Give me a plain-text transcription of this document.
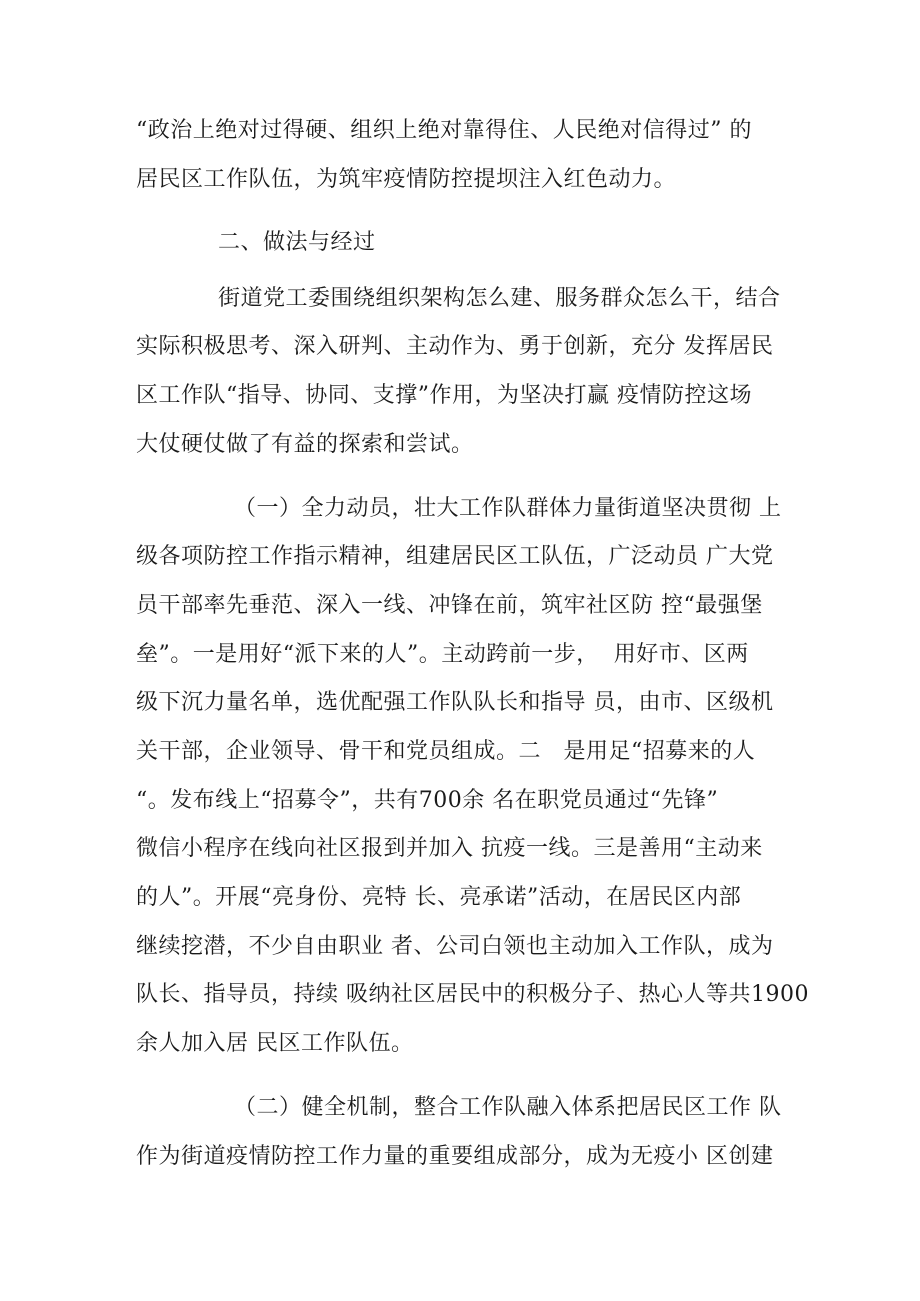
“政治上绝对过得硬、组织上绝对靠得住、人民绝对信得过” 的
居民区工作队伍，为筑牢疫情防控提坝注入红色动力。
二、做法与经过
街道党工委围绕组织架构怎么建、服务群众怎么干，结合
实际积极思考、深入研判、主动作为、勇于创新，充分 发挥居民
区工作队“指导、协同、支撑”作用，为坚决打赢 疫情防控这场
大仗硬仗做了有益的探索和尝试。
（一）全力动员，壮大工作队群体力量街道坚决贯彻 上
级各项防控工作指示精神，组建居民区工队伍，广泛动员 广大党
员干部率先垂范、深入一线、冲锋在前，筑牢社区防 控“最强堡
垒”。一是用好“派下来的人”。主动跨前一步，  用好市、区两
级下沉力量名单，选优配强工作队队长和指导 员，由市、区级机
关干部，企业领导、骨干和党员组成。二   是用足“招募来的人
“。发布线上“招募令”，共有700余 名在职党员通过“先锋”
微信小程序在线向社区报到并加入 抗疫一线。三是善用“主动来
的人”。开展“亮身份、亮特 长、亮承诺”活动，在居民区内部
继续挖潜，不少自由职业 者、公司白领也主动加入工作队，成为
队长、指导员，持续 吸纳社区居民中的积极分子、热心人等共1900
余人加入居 民区工作队伍。
（二）健全机制，整合工作队融入体系把居民区工作 队
作为街道疫情防控工作力量的重要组成部分，成为无疫小 区创建
